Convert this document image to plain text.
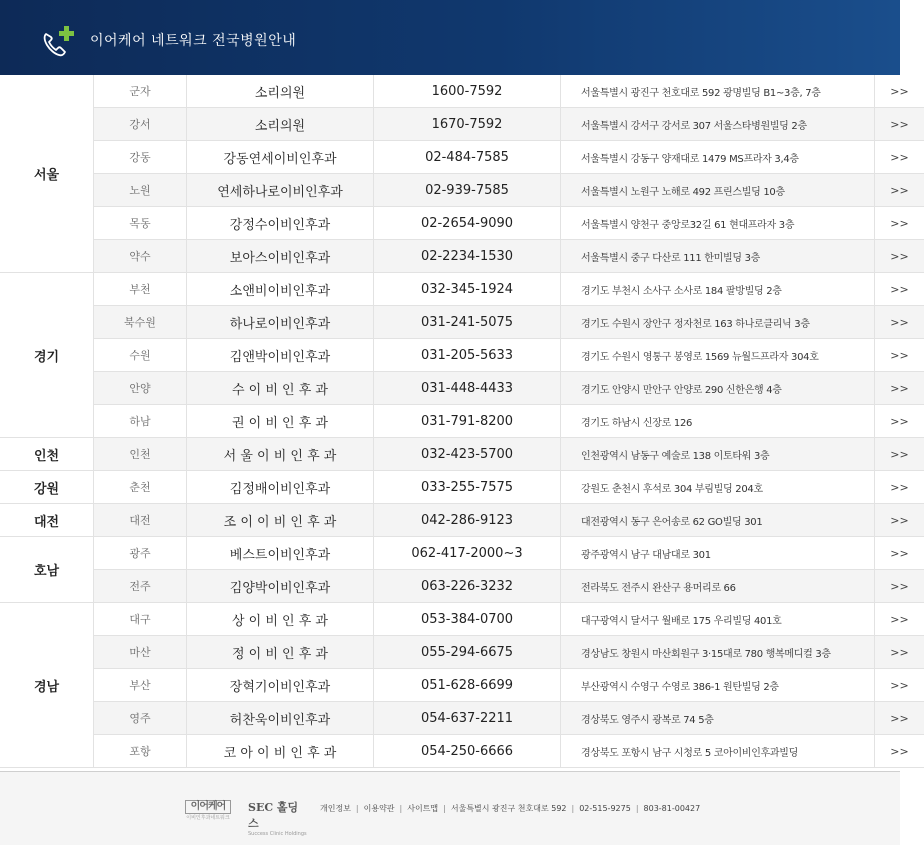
이어케어 네트워크 전국병원안내
서울	군자	소리의원	1600-7592	서울특별시 광진구 천호대로 592 광명빌딩 B1~3층, 7층	>>
	강서	소리의원	1670-7592	서울특별시 강서구 강서로 307 서울스타병원빌딩 2층	>>
	강동	강동연세이비인후과	02-484-7585	서울특별시 강동구 양재대로 1479 MS프라자 3,4층	>>
	노원	연세하나로이비인후과	02-939-7585	서울특별시 노원구 노해로 492 프린스빌딩 10층	>>
	목동	강정수이비인후과	02-2654-9090	서울특별시 양천구 중앙로32길 61 현대프라자 3층	>>
	약수	보아스이비인후과	02-2234-1530	서울특별시 중구 다산로 111 한미빌딩 3층	>>
경기	부천	소앤비이비인후과	032-345-1924	경기도 부천시 소사구 소사로 184 팔방빌딩 2층	>>
	북수원	하나로이비인후과	031-241-5075	경기도 수원시 장안구 정자천로 163 하나로클리닉 3층	>>
	수원	김앤박이비인후과	031-205-5633	경기도 수원시 영통구 봉영로 1569 뉴월드프라자 304호	>>
	안양	수 이 비 인 후 과	031-448-4433	경기도 안양시 만안구 안양로 290 신한은행 4층	>>
	하남	권 이 비 인 후 과	031-791-8200	경기도 하남시 신장로 126	>>
인천	인천	서 울 이 비 인 후 과	032-423-5700	인천광역시 남동구 예술로 138 이토타워 3층	>>
강원	춘천	김정배이비인후과	033-255-7575	강원도 춘천시 후석로 304 부림빌딩 204호	>>
대전	대전	조 이 이 비 인 후 과	042-286-9123	대전광역시 동구 은어송로 62 GO빌딩 301	>>
호남	광주	베스트이비인후과	062-417-2000~3	광주광역시 남구 대남대로 301	>>
	전주	김양박이비인후과	063-226-3232	전라북도 전주시 완산구 용머리로 66	>>
경남	대구	상 이 비 인 후 과	053-384-0700	대구광역시 달서구 월배로 175 우리빌딩 401호	>>
	마산	정 이 비 인 후 과	055-294-6675	경상남도 창원시 마산회원구 3·15대로 780 행복메디컬 3층	>>
	부산	장혁기이비인후과	051-628-6699	부산광역시 수영구 수영로 386-1 원탄빌딩 2층	>>
	영주	허찬욱이비인후과	054-637-2211	경상북도 영주시 광복로 74 5층	>>
	포항	코 아 이 비 인 후 과	054-250-6666	경상북도 포항시 남구 시청로 5 코아이비인후과빌딩	>>
이어케어
이비인후과네트워크
SEC 홀딩스
Success Clinic Holdings
개인정보 | 이용약관 | 사이트맵 | 서울특별시 광진구 천호대로 592 | 02-515-9275 | 803-81-00427
